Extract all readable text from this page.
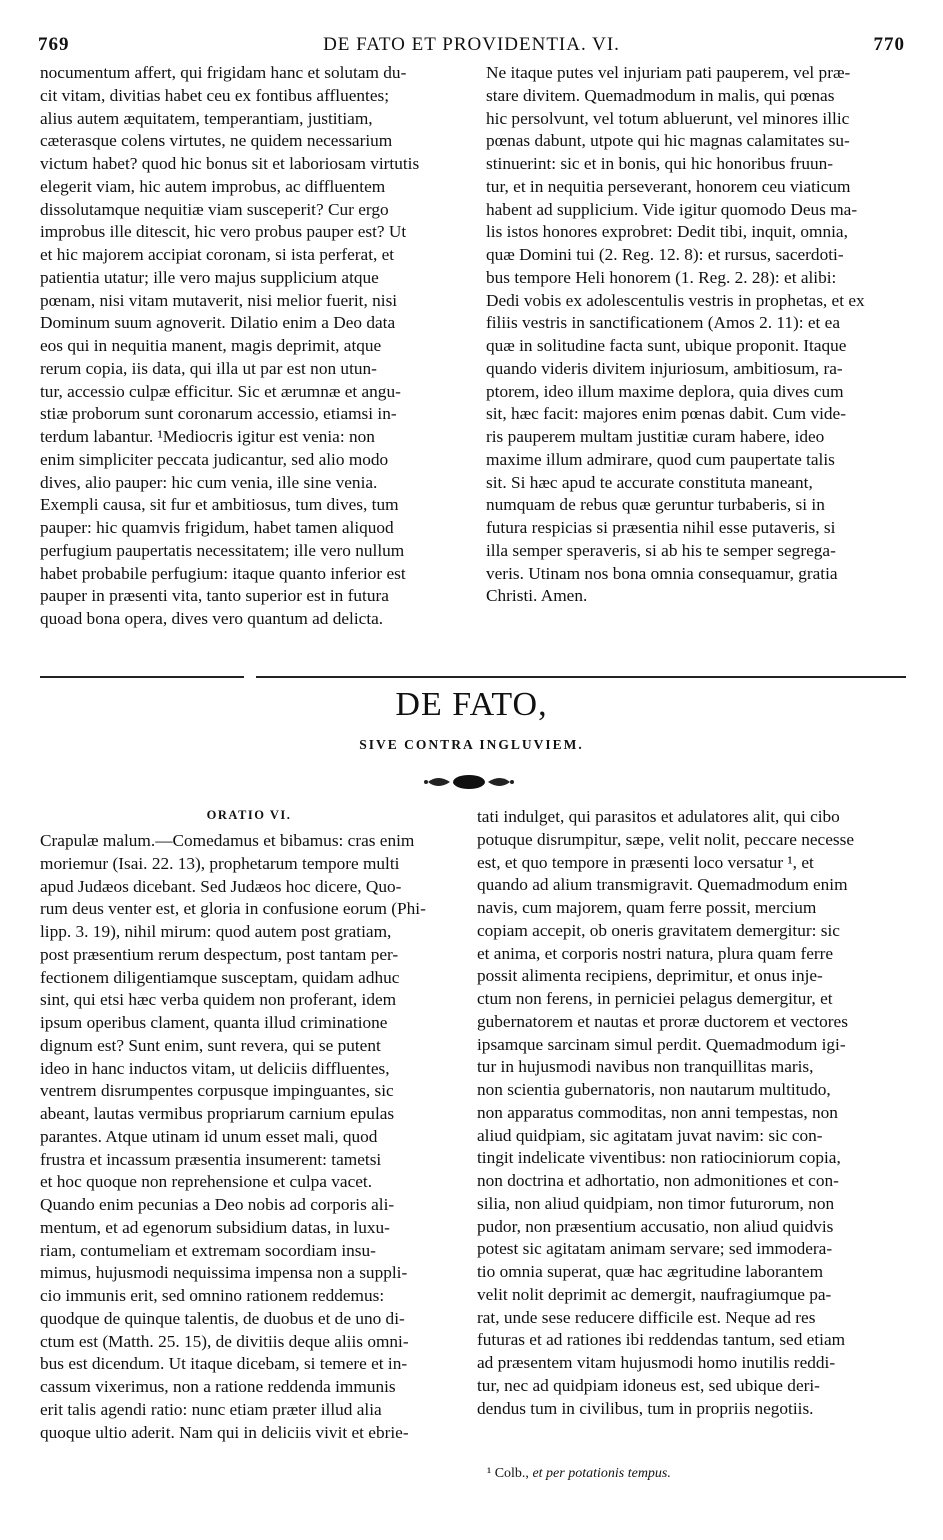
769	DE FATO ET PROVIDENTIA. VI.	770
nocumentum affert, qui frigidam hanc et solutam du-
cit vitam, divitias habet ceu ex fontibus affluentes;
alius autem æquitatem, temperantiam, justitiam,
cæterasque colens virtutes, ne quidem necessarium
victum habet? quod hic bonus sit et laboriosam virtutis
elegerit viam, hic autem improbus, ac diffluentem
dissolutamque nequitiæ viam susceperit? Cur ergo
improbus ille ditescit, hic vero probus pauper est? Ut
et hic majorem accipiat coronam, si ista perferat, et
patientia utatur; ille vero majus supplicium atque
pœnam, nisi vitam mutaverit, nisi melior fuerit, nisi
Dominum suum agnoverit. Dilatio enim a Deo data
eos qui in nequitia manent, magis deprimit, atque
rerum copia, iis data, qui illa ut par est non utun-
tur, accessio culpæ efficitur. Sic et ærumnæ et angu-
stiæ proborum sunt coronarum accessio, etiamsi in-
terdum labantur. ¹Mediocris igitur est venia: non
enim simpliciter peccata judicantur, sed alio modo
dives, alio pauper: hic cum venia, ille sine venia.
Exempli causa, sit fur et ambitiosus, tum dives, tum
pauper: hic quamvis frigidum, habet tamen aliquod
perfugium paupertatis necessitatem; ille vero nullum
habet probabile perfugium: itaque quanto inferior est
pauper in præsenti vita, tanto superior est in futura
quoad bona opera, dives vero quantum ad delicta.
Ne itaque putes vel injuriam pati pauperem, vel præ-
stare divitem. Quemadmodum in malis, qui pœnas
hic persolvunt, vel totum abluerunt, vel minores illic
pœnas dabunt, utpote qui hic magnas calamitates su-
stinuerint: sic et in bonis, qui hic honoribus fruun-
tur, et in nequitia perseverant, honorem ceu viaticum
habent ad supplicium. Vide igitur quomodo Deus ma-
lis istos honores exprobret: Dedit tibi, inquit, omnia,
quæ Domini tui (2. Reg. 12. 8): et rursus, sacerdoti-
bus tempore Heli honorem (1. Reg. 2. 28): et alibi:
Dedi vobis ex adolescentulis vestris in prophetas, et ex
filiis vestris in sanctificationem (Amos 2. 11): et ea
quæ in solitudine facta sunt, ubique proponit. Itaque
quando videris divitem injuriosum, ambitiosum, ra-
ptorem, ideo illum maxime deplora, quia dives cum
sit, hæc facit: majores enim pœnas dabit. Cum vide-
ris pauperem multam justitiæ curam habere, ideo
maxime illum admirare, quod cum paupertate talis
sit. Si hæc apud te accurate constituta maneant,
numquam de rebus quæ geruntur turbaberis, si in
futura respicias si præsentia nihil esse putaveris, si
illa semper speraveris, si ab his te semper segrega-
veris. Utinam nos bona omnia consequamur, gratia
Christi. Amen.
DE FATO,
SIVE CONTRA INGLUVIEM.
ORATIO VI.
Crapulæ malum.—Comedamus et bibamus: cras enim
moriemur (Isai. 22. 13), prophetarum tempore multi
apud Judæos dicebant. Sed Judæos hoc dicere, Quo-
rum deus venter est, et gloria in confusione eorum (Phi-
lipp. 3. 19), nihil mirum: quod autem post gratiam,
post præsentium rerum despectum, post tantam per-
fectionem diligentiamque susceptam, quidam adhuc
sint, qui etsi hæc verba quidem non proferant, idem
ipsum operibus clament, quanta illud criminatione
dignum est? Sunt enim, sunt revera, qui se putent
ideo in hanc inductos vitam, ut deliciis diffluentes,
ventrem disrumpentes corpusque impinguantes, sic
abeant, lautas vermibus propriarum carnium epulas
parantes. Atque utinam id unum esset mali, quod
frustra et incassum præsentia insumerent: tametsi
et hoc quoque non reprehensione et culpa vacet.
Quando enim pecunias a Deo nobis ad corporis ali-
mentum, et ad egenorum subsidium datas, in luxu-
riam, contumeliam et extremam socordiam insu-
mimus, hujusmodi nequissima impensa non a suppli-
cio immunis erit, sed omnino rationem reddemus:
quodque de quinque talentis, de duobus et de uno di-
ctum est (Matth. 25. 15), de divitiis deque aliis omni-
bus est dicendum. Ut itaque dicebam, si temere et in-
cassum vixerimus, non a ratione reddenda immunis
erit talis agendi ratio: nunc etiam præter illud alia
quoque ultio aderit. Nam qui in deliciis vivit et ebrie-
tati indulget, qui parasitos et adulatores alit, qui cibo
potuque disrumpitur, sæpe, velit nolit, peccare necesse
est, et quo tempore in præsenti loco versatur ¹, et
quando ad alium transmigravit. Quemadmodum enim
navis, cum majorem, quam ferre possit, mercium
copiam accepit, ob oneris gravitatem demergitur: sic
et anima, et corporis nostri natura, plura quam ferre
possit alimenta recipiens, deprimitur, et onus inje-
ctum non ferens, in perniciei pelagus demergitur, et
gubernatorem et nautas et proræ ductorem et vectores
ipsamque sarcinam simul perdit. Quemadmodum igi-
tur in hujusmodi navibus non tranquillitas maris,
non scientia gubernatoris, non nautarum multitudo,
non apparatus commoditas, non anni tempestas, non
aliud quidpiam, sic agitatam juvat navim: sic con-
tingit indelicate viventibus: non ratiociniorum copia,
non doctrina et adhortatio, non admonitiones et con-
silia, non aliud quidpiam, non timor futurorum, non
pudor, non præsentium accusatio, non aliud quidvis
potest sic agitatam animam servare; sed immodera-
tio omnia superat, quæ hac ægritudine laborantem
velit nolit deprimit ac demergit, naufragiumque pa-
rat, unde sese reducere difficile est. Neque ad res
futuras et ad rationes ibi reddendas tantum, sed etiam
ad præsentem vitam hujusmodi homo inutilis reddi-
tur, nec ad quidpiam idoneus est, sed ubique deri-
dendus tum in civilibus, tum in propriis negotiis.
¹ Colb., et per potationis tempus.
